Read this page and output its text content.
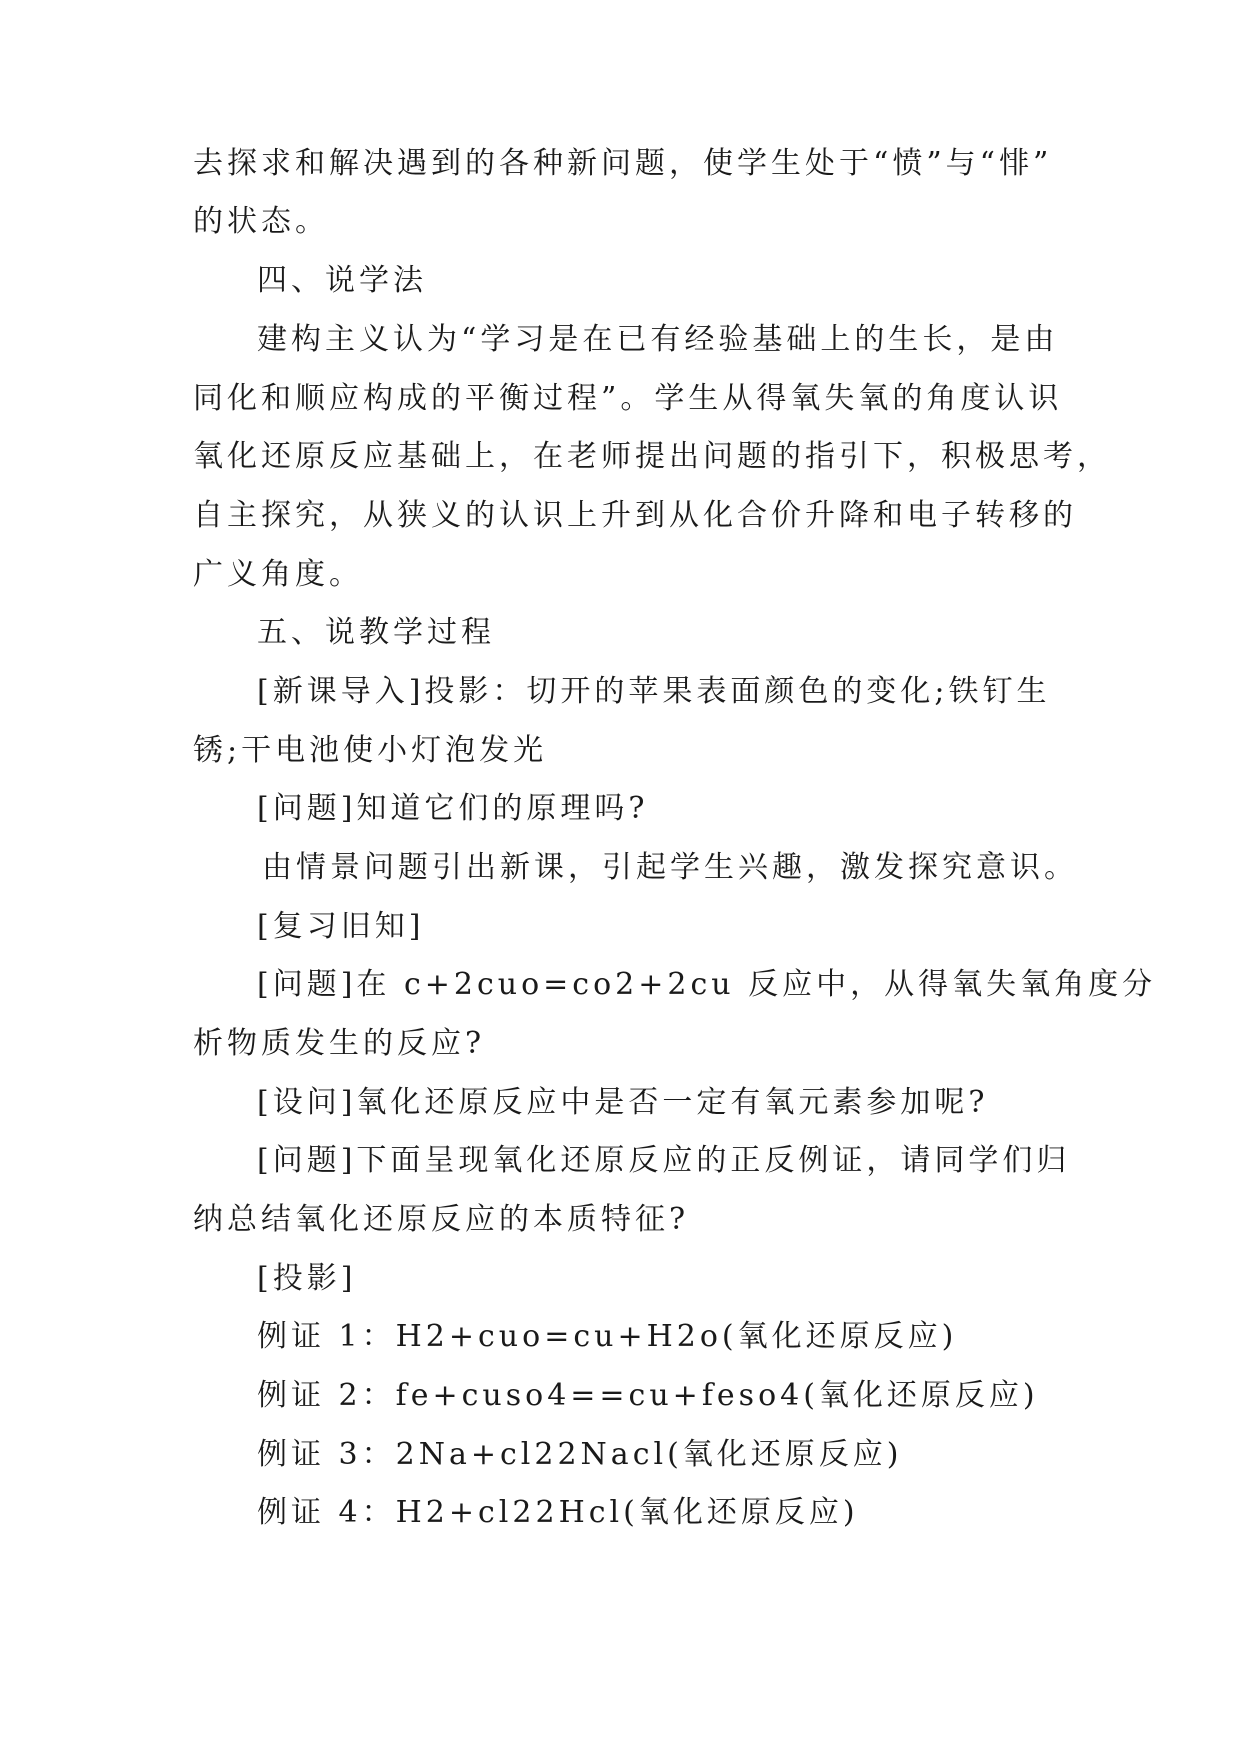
去探求和解决遇到的各种新问题，使学生处于“愤”与“悱”
的状态。
四、说学法
建构主义认为“学习是在已有经验基础上的生长，是由
同化和顺应构成的平衡过程”。学生从得氧失氧的角度认识
氧化还原反应基础上，在老师提出问题的指引下，积极思考，
自主探究，从狭义的认识上升到从化合价升降和电子转移的
广义角度。
五、说教学过程
[新课导入]投影：切开的苹果表面颜色的变化;铁钉生
锈;干电池使小灯泡发光
[问题]知道它们的原理吗?
由情景问题引出新课，引起学生兴趣，激发探究意识。
[复习旧知]
[问题]在 c+2cuo=co2+2cu 反应中，从得氧失氧角度分
析物质发生的反应?
[设问]氧化还原反应中是否一定有氧元素参加呢?
[问题]下面呈现氧化还原反应的正反例证，请同学们归
纳总结氧化还原反应的本质特征?
[投影]
例证 1：H2+cuo=cu+H2o(氧化还原反应)
例证 2：fe+cuso4==cu+feso4(氧化还原反应)
例证 3：2Na+cl22Nacl(氧化还原反应)
例证 4：H2+cl22Hcl(氧化还原反应)
